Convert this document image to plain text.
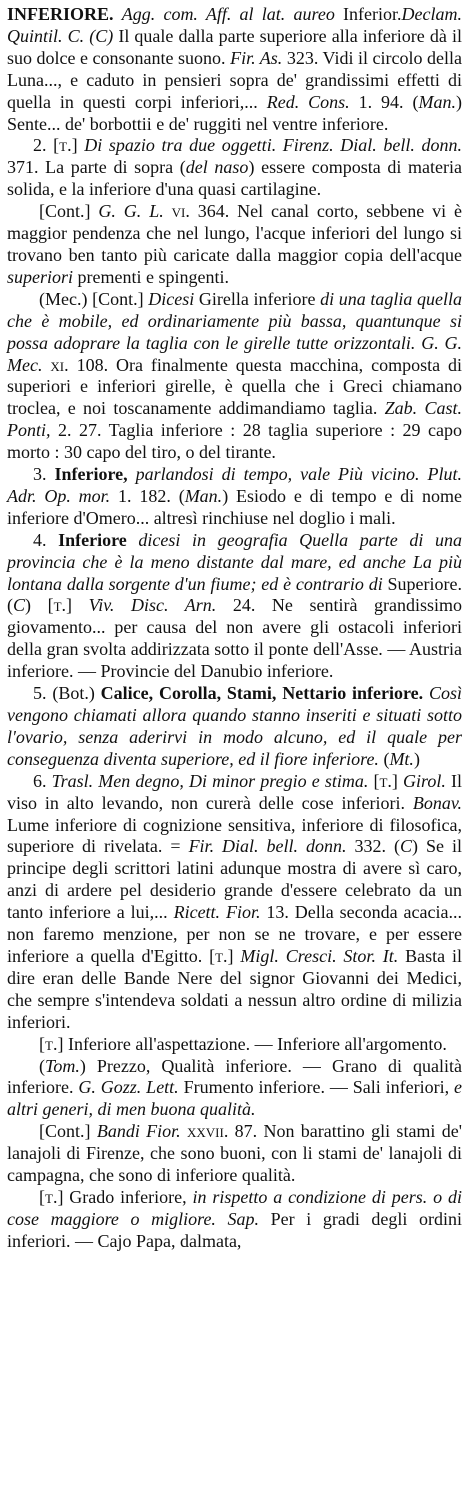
INFERIORE. Agg. com. Aff. al lat. aureo Inferior.Declam. Quintil. C. (C) Il quale dalla parte superiore alla inferiore dà il suo dolce e consonante suono. Fir. As. 323. Vidi il circolo della Luna..., e caduto in pensieri sopra de' grandissimi effetti di quella in questi corpi inferiori,... Red. Cons. 1. 94. (Man.) Sente... de' borbottii e de' ruggiti nel ventre inferiore.

2. [t.] Di spazio tra due oggetti. Firenz. Dial. bell. donn. 371. La parte di sopra (del naso) essere composta di materia solida, e la inferiore d'una quasi cartilagine.

[Cont.] G. G. L. vi. 364. Nel canal corto, sebbene vi è maggior pendenza che nel lungo, l'acque inferiori del lungo si trovano ben tanto più caricate dalla maggior copia dell'acque superiori prementi e spingenti.

(Mec.) [Cont.] Dicesi Girella inferiore di una taglia quella che è mobile, ed ordinariamente più bassa, quantunque si possa adoprare la taglia con le girelle tutte orizzontali. G. G. Mec. xi. 108. Ora finalmente questa macchina, composta di superiori e inferiori girelle, è quella che i Greci chiamano troclea, e noi toscanamente addimandiamo taglia. Zab. Cast. Ponti, 2. 27. Taglia inferiore : 28 taglia superiore : 29 capo morto : 30 capo del tiro, o del tirante.

3. Inferiore, parlandosi di tempo, vale Più vicino. Plut. Adr. Op. mor. 1. 182. (Man.) Esiodo e di tempo e di nome inferiore d'Omero... altresì rinchiuse nel doglio i mali.

4. Inferiore dicesi in geografia Quella parte di una provincia che è la meno distante dal mare, ed anche La più lontana dalla sorgente d'un fiume; ed è contrario di Superiore. (C) [t.] Viv. Disc. Arn. 24. Ne sentirà grandissimo giovamento... per causa del non avere gli ostacoli inferiori della gran svolta addirizzata sotto il ponte dell'Asse. — Austria inferiore. — Provincie del Danubio inferiore.

5. (Bot.) Calice, Corolla, Stami, Nettario inferiore. Così vengono chiamati allora quando stanno inseriti e situati sotto l'ovario, senza aderirvi in modo alcuno, ed il quale per conseguenza diventa superiore, ed il fiore inferiore. (Mt.)

6. Trasl. Men degno, Di minor pregio e stima. [t.] Girol. Il viso in alto levando, non curerà delle cose inferiori. Bonav. Lume inferiore di cognizione sensitiva, inferiore di filosofica, superiore di rivelata. = Fir. Dial. bell. donn. 332. (C) Se il principe degli scrittori latini adunque mostra di avere sì caro, anzi di ardere pel desiderio grande d'essere celebrato da un tanto inferiore a lui,... Ricett. Fior. 13. Della seconda acacia... non faremo menzione, per non se ne trovare, e per essere inferiore a quella d'Egitto. [t.] Migl. Cresci. Stor. It. Basta il dire eran delle Bande Nere del signor Giovanni dei Medici, che sempre s'intendeva soldati a nessun altro ordine di milizia inferiori.

[t.] Inferiore all'aspettazione. — Inferiore all'argomento.

(Tom.) Prezzo, Qualità inferiore. — Grano di qualità inferiore. G. Gozz. Lett. Frumento inferiore. — Sali inferiori, e altri generi, di men buona qualità.

[Cont.] Bandi Fior. xxvii. 87. Non barattino gli stami de' lanajoli di Firenze, che sono buoni, con li stami de' lanajoli di campagna, che sono di inferiore qualità.

[t.] Grado inferiore, in rispetto a condizione di pers. o di cose maggiore o migliore. Sap. Per i gradi degli ordini inferiori. — Cajo Papa, dalmata,
